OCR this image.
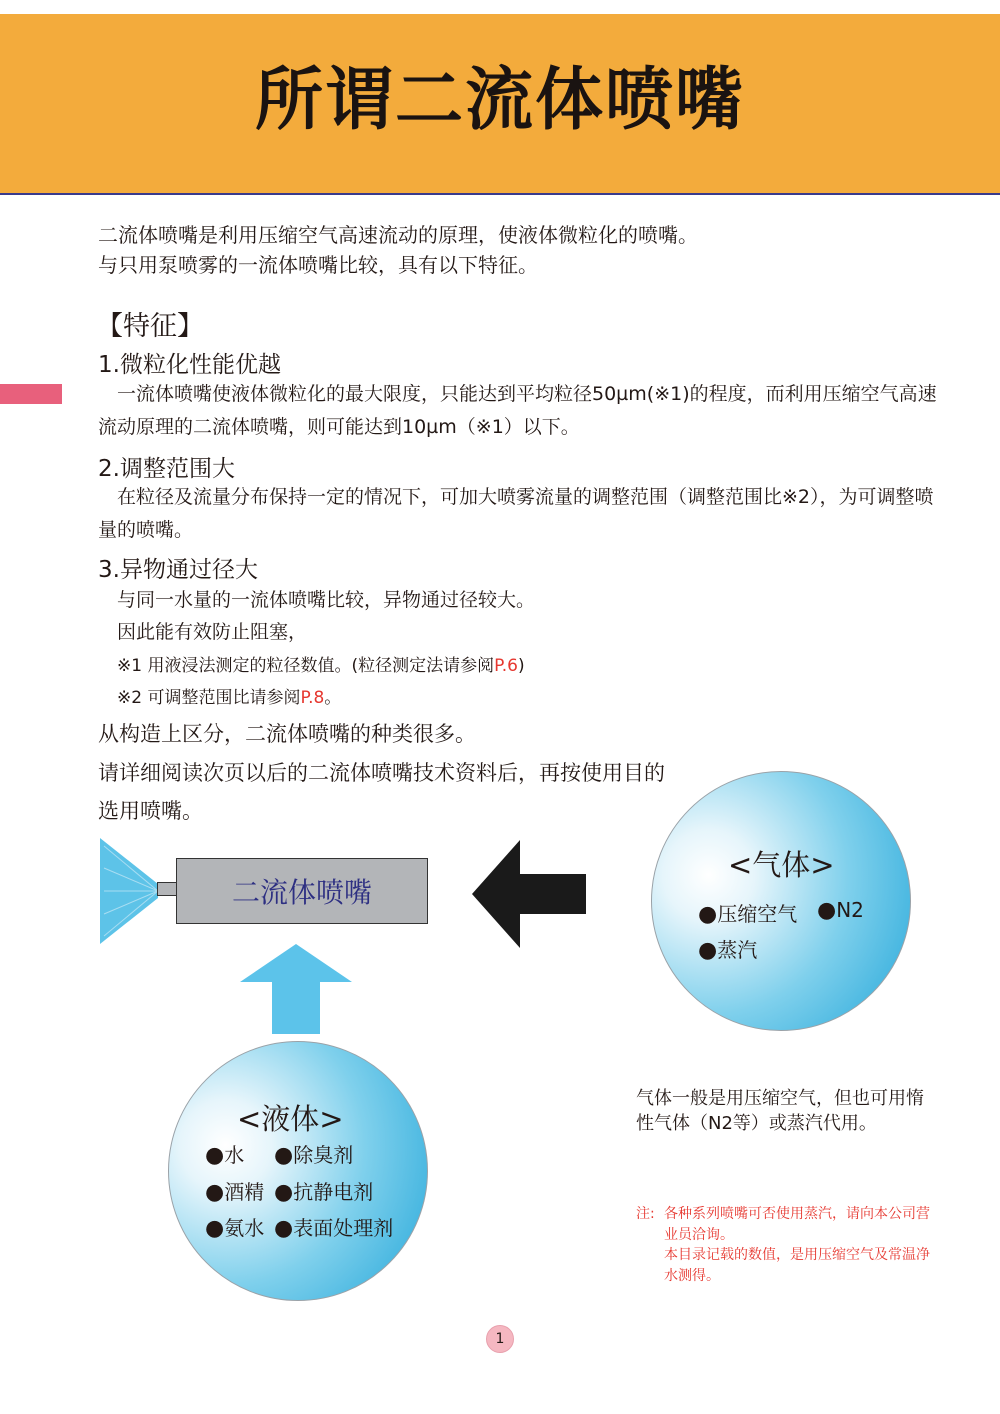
所谓二流体喷嘴
二流体喷嘴是利用压缩空气高速流动的原理，使液体微粒化的喷嘴。
与只用泵喷雾的一流体喷嘴比较，具有以下特征。
【特征】
1.微粒化性能优越
一流体喷嘴使液体微粒化的最大限度，只能达到平均粒径50µm(※1)的程度，而利用压缩空气高速流动原理的二流体喷嘴，则可能达到10µm（※1）以下。
2.调整范围大
在粒径及流量分布保持一定的情况下，可加大喷雾流量的调整范围（调整范围比※2），为可调整喷量的喷嘴。
3.异物通过径大
与同一水量的一流体喷嘴比较，异物通过径较大。
因此能有效防止阻塞，
※1 用液浸法测定的粒径数值。(粒径测定法请参阅P.6)
※2 可调整范围比请参阅P.8。
从构造上区分，二流体喷嘴的种类很多。
请详细阅读次页以后的二流体喷嘴技术资料后，再按使用目的
选用喷嘴。
二流体喷嘴
<气体>
●压缩空气 ●N2
●蒸汽
<液体>
●水 ●除臭剂
●酒精 ●抗静电剂
●氨水 ●表面处理剂
气体一般是用压缩空气，但也可用惰性气体（N2等）或蒸汽代用。
注: 各种系列喷嘴可否使用蒸汽，请向本公司营
业员洽询。
本目录记载的数值，是用压缩空气及常温净
水测得。
1
